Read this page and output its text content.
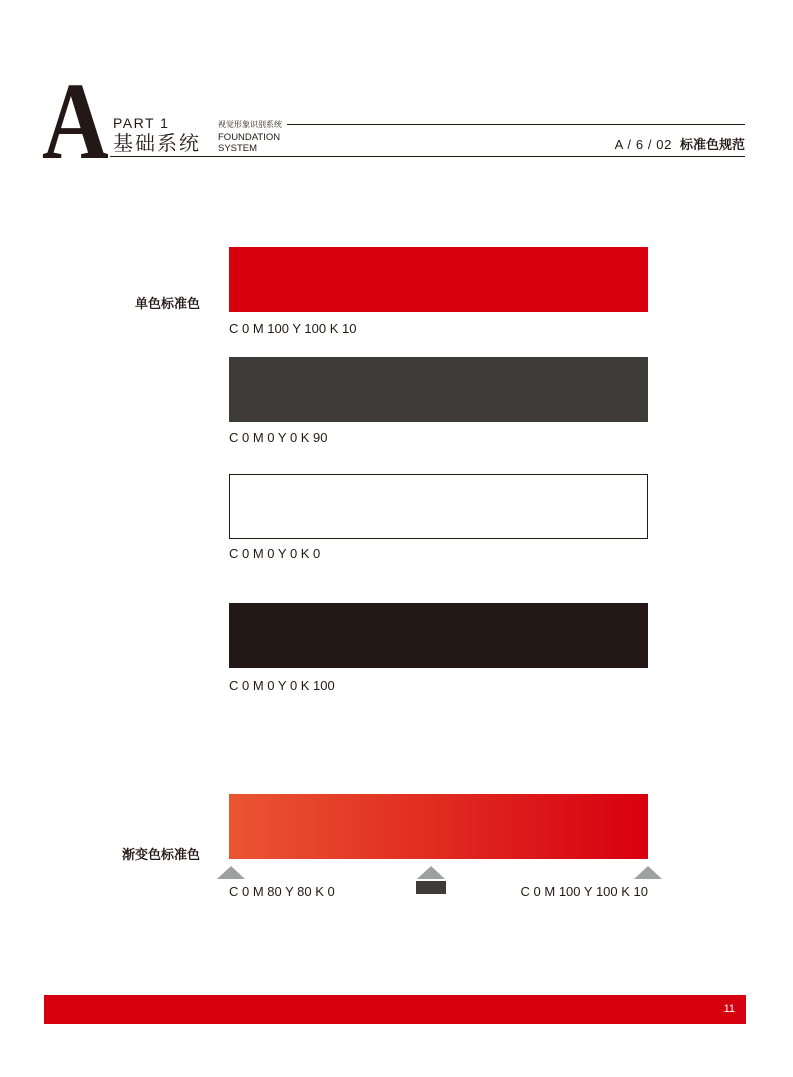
A PART 1
基础系统
视觉形象识别系统
FOUNDATION
SYSTEM	A / 6 / 02 标准色规范
单色标准色
C 0 M 100 Y 100 K 10
C 0 M 0 Y 0 K 90
C 0 M 0 Y 0 K 0
C 0 M 0 Y 0 K 100
渐变色标准色
C 0 M 80 Y 80 K 0	C 0 M 100 Y 100 K 10
11
